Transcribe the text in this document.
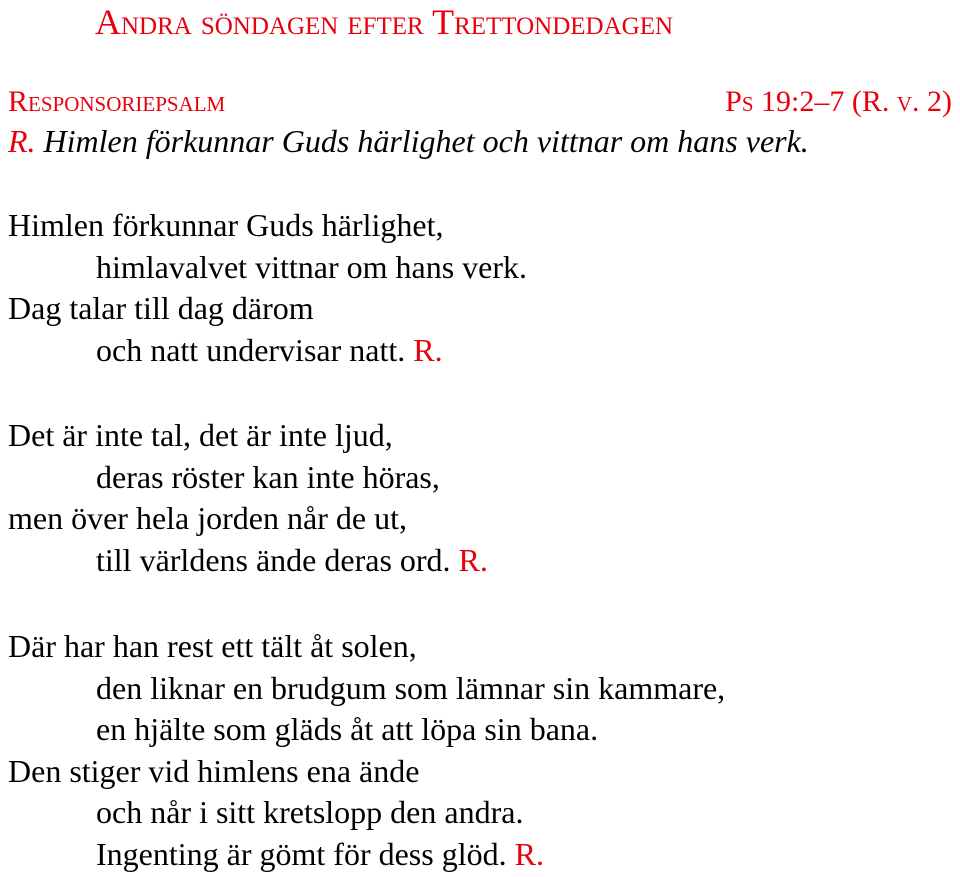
Andra söndagen efter Trettondedagen
Responsoriepsalm	Ps 19:2–7 (R. v. 2)
R. Himlen förkunnar Guds härlighet och vittnar om hans verk.
Himlen förkunnar Guds härlighet,
himlavalvet vittnar om hans verk.
Dag talar till dag därom
och natt undervisar natt. R.
Det är inte tal, det är inte ljud,
deras röster kan inte höras,
men över hela jorden når de ut,
till världens ände deras ord. R.
Där har han rest ett tält åt solen,
den liknar en brudgum som lämnar sin kammare,
en hjälte som gläds åt att löpa sin bana.
Den stiger vid himlens ena ände
och når i sitt kretslopp den andra.
Ingenting är gömt för dess glöd. R.
